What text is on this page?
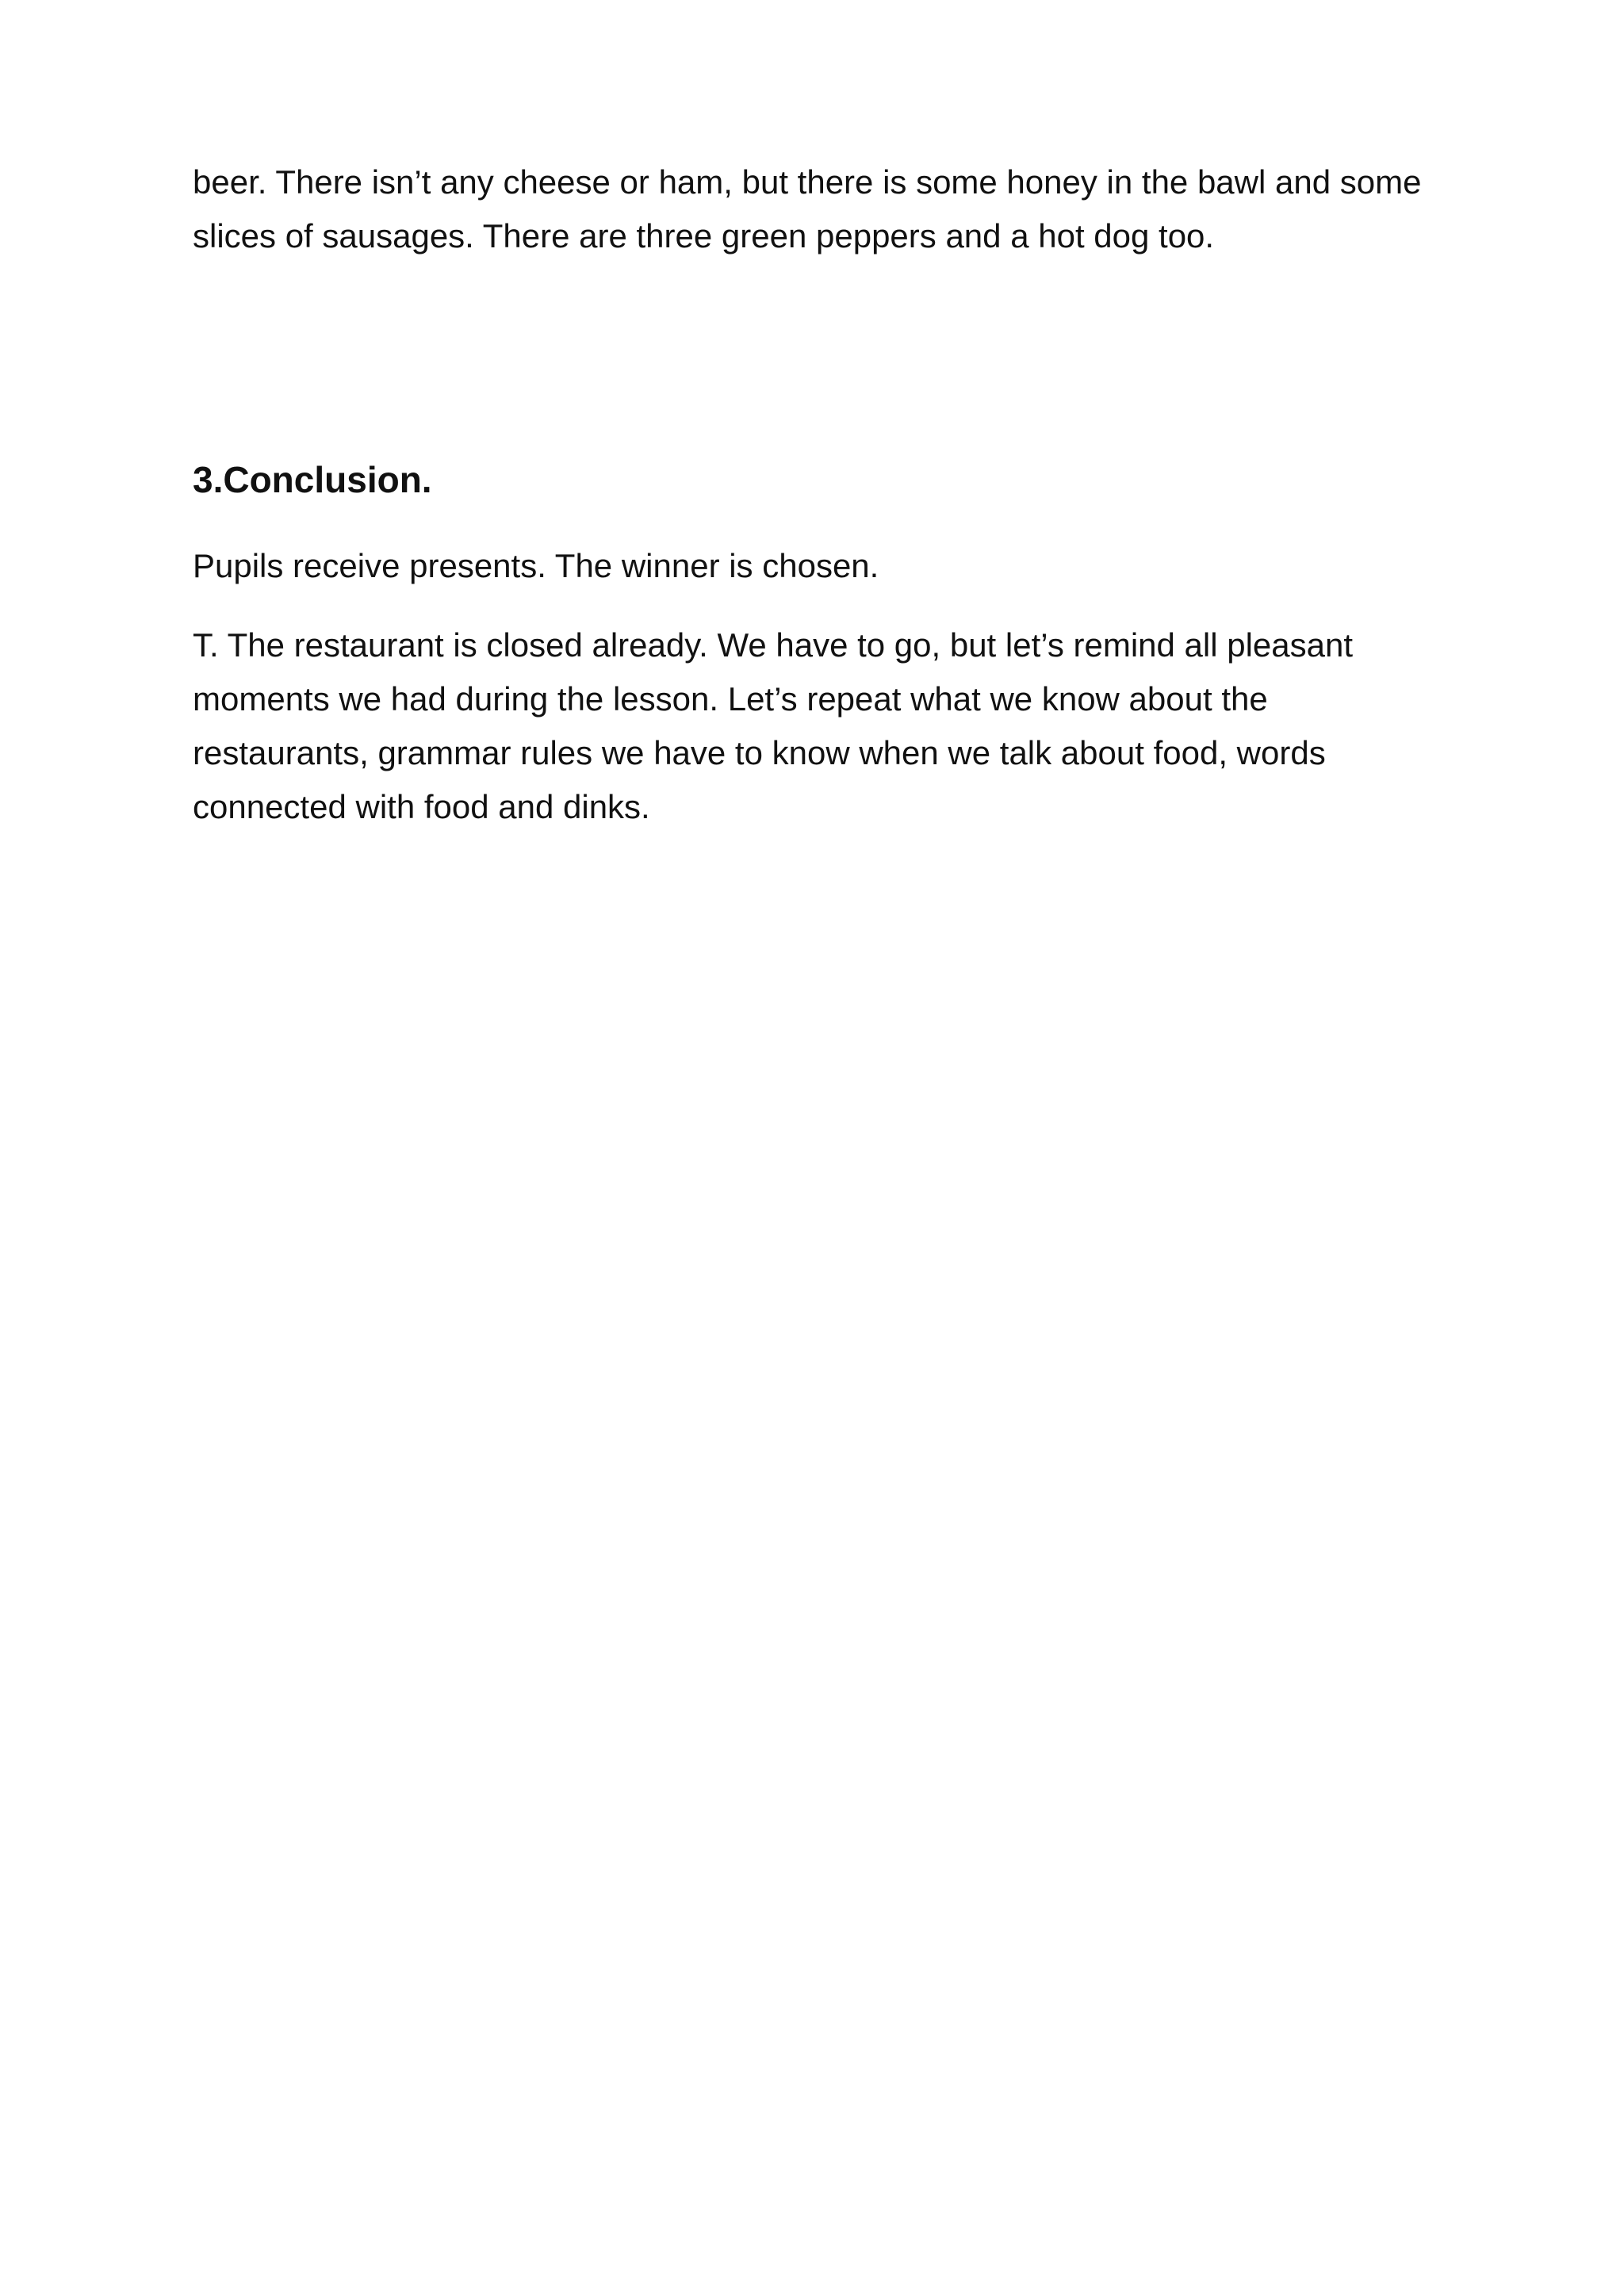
beer. There isn’t any cheese or ham, but there is some honey in the bawl and some
slices of sausages. There are three green peppers and a hot dog too.

3.Conclusion.

Pupils receive presents. The winner is chosen.

T. The restaurant is closed already. We have to go, but let’s remind all pleasant
moments we had during the lesson. Let’s repeat what we know about the
restaurants, grammar rules we have to know when we talk about food, words
connected with food and dinks.
